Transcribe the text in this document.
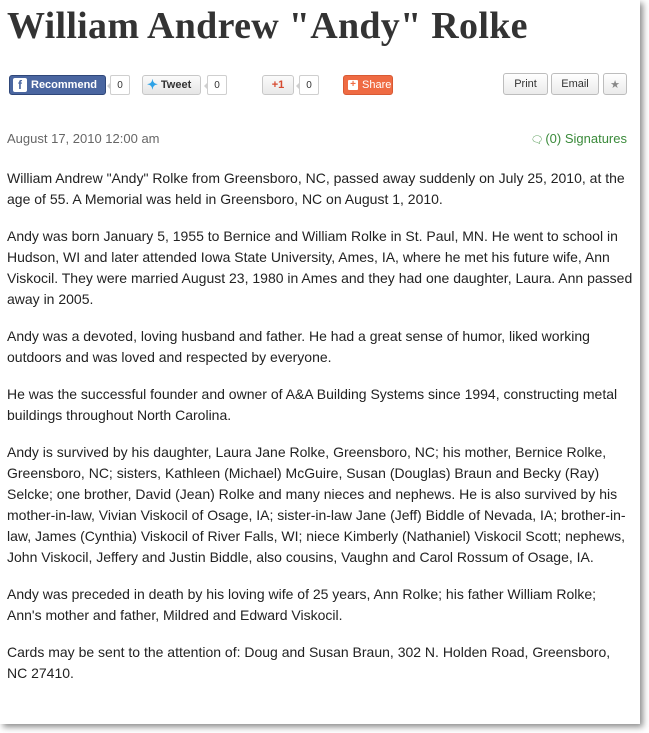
William Andrew "Andy" Rolke
f Recommend	0	✦ Tweet	0	+1	0	+ Share	Print Email ★
August 17, 2010 12:00 am	🗨 (0) Signatures

William Andrew "Andy" Rolke from Greensboro, NC, passed away suddenly on July 25, 2010, at the age of 55. A Memorial was held in Greensboro, NC on August 1, 2010.

Andy was born January 5, 1955 to Bernice and William Rolke in St. Paul, MN. He went to school in Hudson, WI and later attended Iowa State University, Ames, IA, where he met his future wife, Ann Viskocil. They were married August 23, 1980 in Ames and they had one daughter, Laura. Ann passed away in 2005.

Andy was a devoted, loving husband and father. He had a great sense of humor, liked working outdoors and was loved and respected by everyone.

He was the successful founder and owner of A&A Building Systems since 1994, constructing metal buildings throughout North Carolina.

Andy is survived by his daughter, Laura Jane Rolke, Greensboro, NC; his mother, Bernice Rolke, Greensboro, NC; sisters, Kathleen (Michael) McGuire, Susan (Douglas) Braun and Becky (Ray) Selcke; one brother, David (Jean) Rolke and many nieces and nephews. He is also survived by his mother-in-law, Vivian Viskocil of Osage, IA; sister-in-law Jane (Jeff) Biddle of Nevada, IA; brother-in-law, James (Cynthia) Viskocil of River Falls, WI; niece Kimberly (Nathaniel) Viskocil Scott; nephews, John Viskocil, Jeffery and Justin Biddle, also cousins, Vaughn and Carol Rossum of Osage, IA.

Andy was preceded in death by his loving wife of 25 years, Ann Rolke; his father William Rolke; Ann's mother and father, Mildred and Edward Viskocil.

Cards may be sent to the attention of: Doug and Susan Braun, 302 N. Holden Road, Greensboro, NC 27410.
